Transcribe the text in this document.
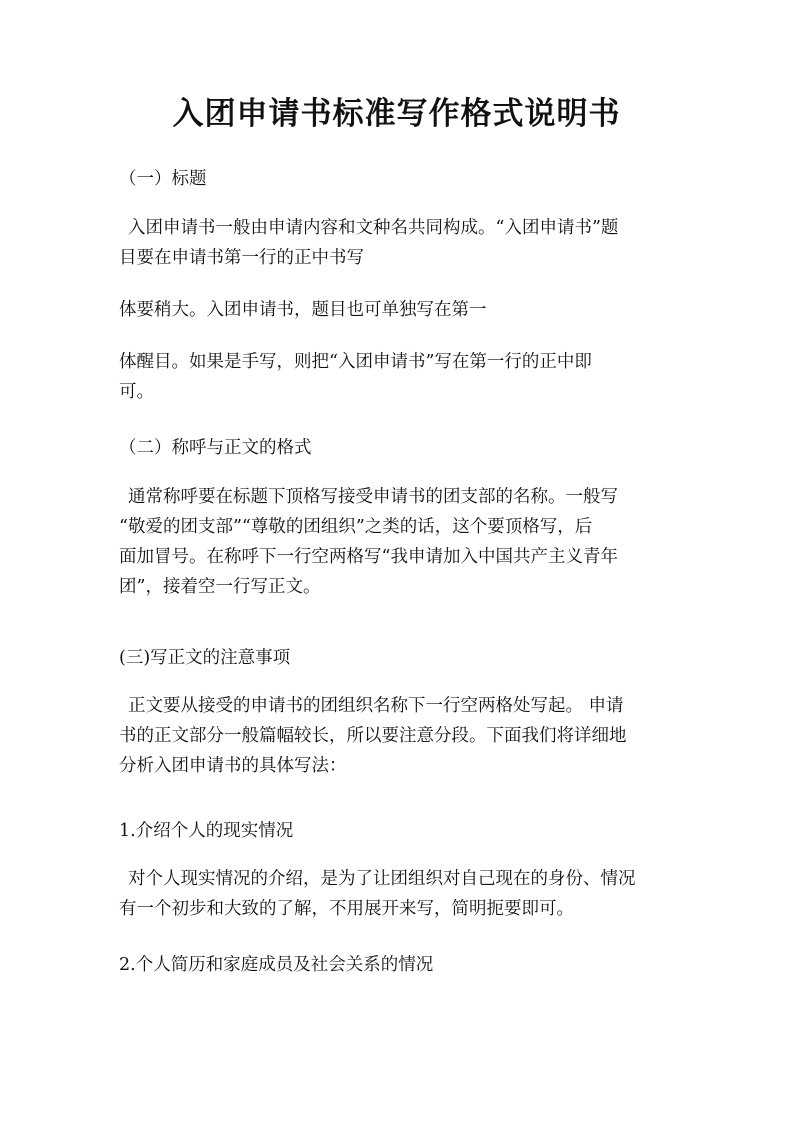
入团申请书标准写作格式说明书

（一）标题

入团申请书一般由申请内容和文种名共同构成。“入团申请书”题
目要在申请书第一行的正中书写

体要稍大。入团申请书，题目也可单独写在第一

体醒目。如果是手写，则把“入团申请书”写在第一行的正中即
可。

（二）称呼与正文的格式

通常称呼要在标题下顶格写接受申请书的团支部的名称。一般写
“敬爱的团支部”“尊敬的团组织”之类的话，这个要顶格写，后
面加冒号。在称呼下一行空两格写“我申请加入中国共产主义青年
团”，接着空一行写正文。

(三)写正文的注意事项

正文要从接受的申请书的团组织名称下一行空两格处写起。 申请
书的正文部分一般篇幅较长，所以要注意分段。下面我们将详细地
分析入团申请书的具体写法：

1.介绍个人的现实情况

对个人现实情况的介绍，是为了让团组织对自己现在的身份、情况
有一个初步和大致的了解，不用展开来写，简明扼要即可。

2.个人简历和家庭成员及社会关系的情况
